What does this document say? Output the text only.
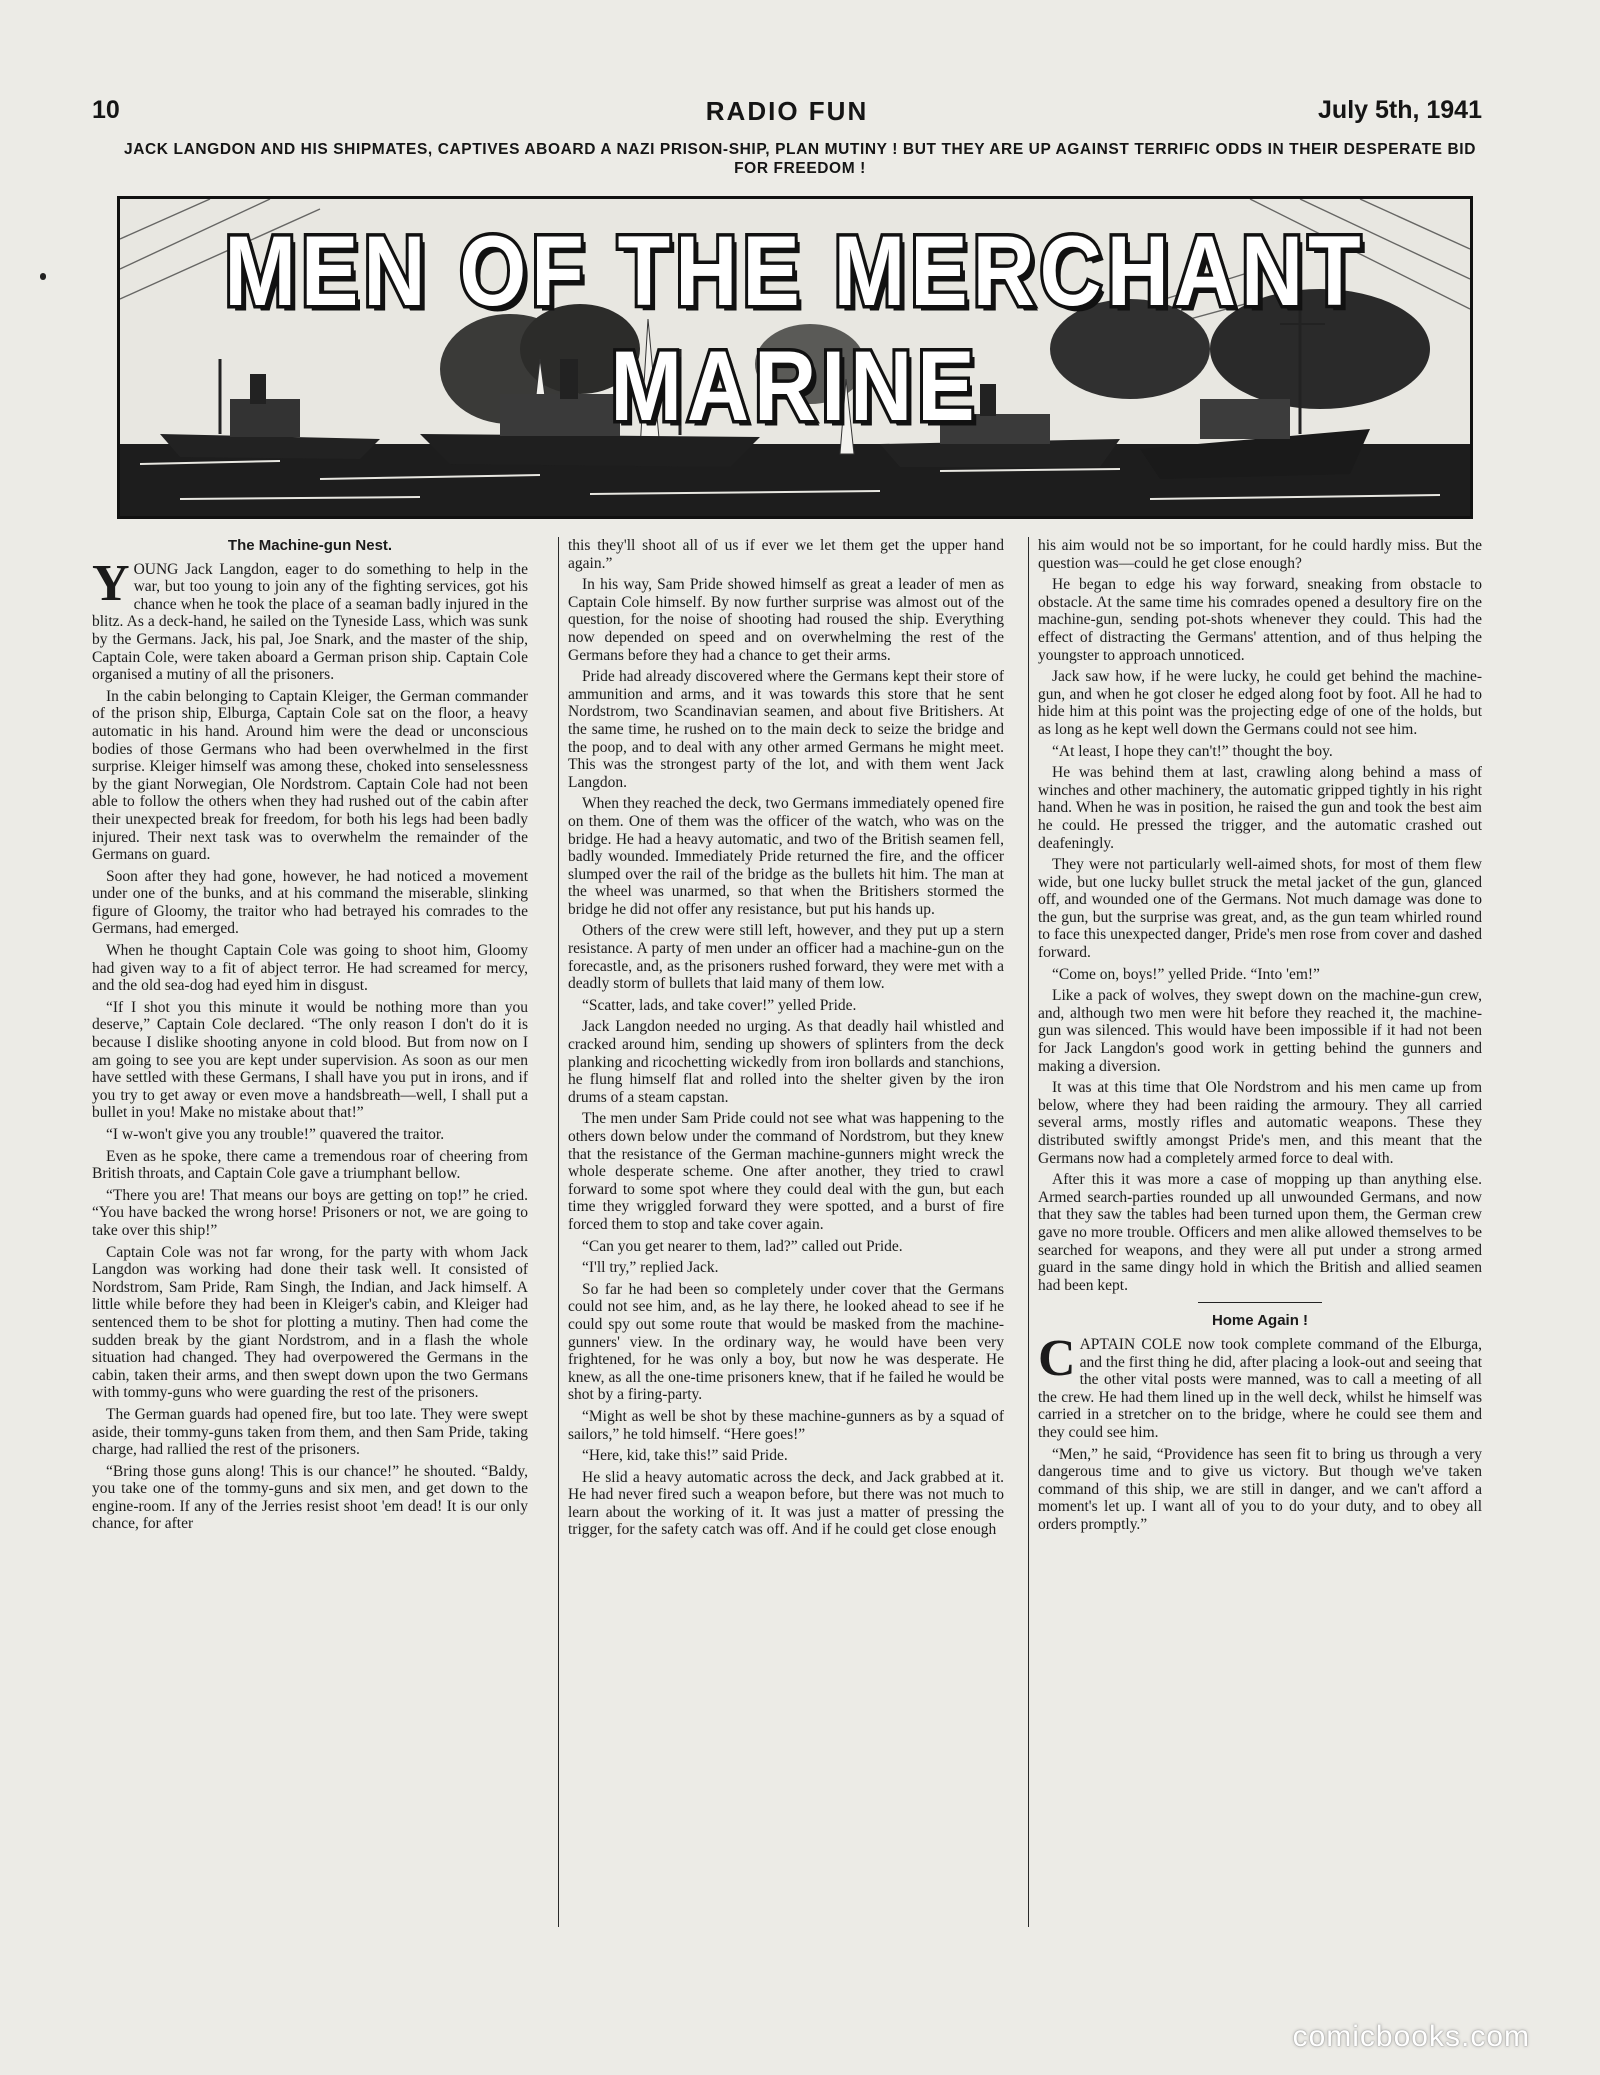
10	RADIO FUN	July 5th, 1941
JACK LANGDON AND HIS SHIPMATES, CAPTIVES ABOARD A NAZI PRISON-SHIP, PLAN MUTINY ! BUT THEY ARE UP AGAINST TERRIFIC ODDS IN THEIR DESPERATE BID FOR FREEDOM !
MEN OF THE MERCHANT MARINE
The Machine-gun Nest.

YOUNG Jack Langdon, eager to do something to help in the war, but too young to join any of the fighting services, got his chance when he took the place of a seaman badly injured in the blitz. As a deck-hand, he sailed on the Tyneside Lass, which was sunk by the Germans. Jack, his pal, Joe Snark, and the master of the ship, Captain Cole, were taken aboard a German prison ship. Captain Cole organised a mutiny of all the prisoners.

In the cabin belonging to Captain Kleiger, the German commander of the prison ship, Elburga, Captain Cole sat on the floor, a heavy automatic in his hand. Around him were the dead or unconscious bodies of those Germans who had been overwhelmed in the first surprise. Kleiger himself was among these, choked into senselessness by the giant Norwegian, Ole Nordstrom. Captain Cole had not been able to follow the others when they had rushed out of the cabin after their unexpected break for freedom, for both his legs had been badly injured. Their next task was to overwhelm the remainder of the Germans on guard.

Soon after they had gone, however, he had noticed a movement under one of the bunks, and at his command the miserable, slinking figure of Gloomy, the traitor who had betrayed his comrades to the Germans, had emerged.

When he thought Captain Cole was going to shoot him, Gloomy had given way to a fit of abject terror. He had screamed for mercy, and the old sea-dog had eyed him in disgust.

“If I shot you this minute it would be nothing more than you deserve,” Captain Cole declared. “The only reason I don't do it is because I dislike shooting anyone in cold blood. But from now on I am going to see you are kept under supervision. As soon as our men have settled with these Germans, I shall have you put in irons, and if you try to get away or even move a handsbreath—well, I shall put a bullet in you! Make no mistake about that!”

“I w-won't give you any trouble!” quavered the traitor.

Even as he spoke, there came a tremendous roar of cheering from British throats, and Captain Cole gave a triumphant bellow.

“There you are! That means our boys are getting on top!” he cried. “You have backed the wrong horse! Prisoners or not, we are going to take over this ship!”

Captain Cole was not far wrong, for the party with whom Jack Langdon was working had done their task well. It consisted of Nordstrom, Sam Pride, Ram Singh, the Indian, and Jack himself. A little while before they had been in Kleiger's cabin, and Kleiger had sentenced them to be shot for plotting a mutiny. Then had come the sudden break by the giant Nordstrom, and in a flash the whole situation had changed. They had overpowered the Germans in the cabin, taken their arms, and then swept down upon the two Germans with tommy-guns who were guarding the rest of the prisoners.

The German guards had opened fire, but too late. They were swept aside, their tommy-guns taken from them, and then Sam Pride, taking charge, had rallied the rest of the prisoners.

“Bring those guns along! This is our chance!” he shouted. “Baldy, you take one of the tommy-guns and six men, and get down to the engine-room. If any of the Jerries resist shoot 'em dead! It is our only chance, for after

this they'll shoot all of us if ever we let them get the upper hand again.”

In his way, Sam Pride showed himself as great a leader of men as Captain Cole himself. By now further surprise was almost out of the question, for the noise of shooting had roused the ship. Everything now depended on speed and on overwhelming the rest of the Germans before they had a chance to get their arms.

Pride had already discovered where the Germans kept their store of ammunition and arms, and it was towards this store that he sent Nordstrom, two Scandinavian seamen, and about five Britishers. At the same time, he rushed on to the main deck to seize the bridge and the poop, and to deal with any other armed Germans he might meet. This was the strongest party of the lot, and with them went Jack Langdon.

When they reached the deck, two Germans immediately opened fire on them. One of them was the officer of the watch, who was on the bridge. He had a heavy automatic, and two of the British seamen fell, badly wounded. Immediately Pride returned the fire, and the officer slumped over the rail of the bridge as the bullets hit him. The man at the wheel was unarmed, so that when the Britishers stormed the bridge he did not offer any resistance, but put his hands up.

Others of the crew were still left, however, and they put up a stern resistance. A party of men under an officer had a machine-gun on the forecastle, and, as the prisoners rushed forward, they were met with a deadly storm of bullets that laid many of them low.

“Scatter, lads, and take cover!” yelled Pride.

Jack Langdon needed no urging. As that deadly hail whistled and cracked around him, sending up showers of splinters from the deck planking and ricochetting wickedly from iron bollards and stanchions, he flung himself flat and rolled into the shelter given by the iron drums of a steam capstan.

The men under Sam Pride could not see what was happening to the others down below under the command of Nordstrom, but they knew that the resistance of the German machine-gunners might wreck the whole desperate scheme. One after another, they tried to crawl forward to some spot where they could deal with the gun, but each time they wriggled forward they were spotted, and a burst of fire forced them to stop and take cover again.

“Can you get nearer to them, lad?” called out Pride.

“I'll try,” replied Jack.

So far he had been so completely under cover that the Germans could not see him, and, as he lay there, he looked ahead to see if he could spy out some route that would be masked from the machine-gunners' view. In the ordinary way, he would have been very frightened, for he was only a boy, but now he was desperate. He knew, as all the one-time prisoners knew, that if he failed he would be shot by a firing-party.

“Might as well be shot by these machine-gunners as by a squad of sailors,” he told himself. “Here goes!”

“Here, kid, take this!” said Pride.

He slid a heavy automatic across the deck, and Jack grabbed at it. He had never fired such a weapon before, but there was not much to learn about the working of it. It was just a matter of pressing the trigger, for the safety catch was off. And if he could get close enough

his aim would not be so important, for he could hardly miss. But the question was—could he get close enough?

He began to edge his way forward, sneaking from obstacle to obstacle. At the same time his comrades opened a desultory fire on the machine-gun, sending pot-shots whenever they could. This had the effect of distracting the Germans' attention, and of thus helping the youngster to approach unnoticed.

Jack saw how, if he were lucky, he could get behind the machine-gun, and when he got closer he edged along foot by foot. All he had to hide him at this point was the projecting edge of one of the holds, but as long as he kept well down the Germans could not see him.

“At least, I hope they can't!” thought the boy.

He was behind them at last, crawling along behind a mass of winches and other machinery, the automatic gripped tightly in his right hand. When he was in position, he raised the gun and took the best aim he could. He pressed the trigger, and the automatic crashed out deafeningly.

They were not particularly well-aimed shots, for most of them flew wide, but one lucky bullet struck the metal jacket of the gun, glanced off, and wounded one of the Germans. Not much damage was done to the gun, but the surprise was great, and, as the gun team whirled round to face this unexpected danger, Pride's men rose from cover and dashed forward.

“Come on, boys!” yelled Pride. “Into 'em!”

Like a pack of wolves, they swept down on the machine-gun crew, and, although two men were hit before they reached it, the machine-gun was silenced. This would have been impossible if it had not been for Jack Langdon's good work in getting behind the gunners and making a diversion.

It was at this time that Ole Nordstrom and his men came up from below, where they had been raiding the armoury. They all carried several arms, mostly rifles and automatic weapons. These they distributed swiftly amongst Pride's men, and this meant that the Germans now had a completely armed force to deal with.

After this it was more a case of mopping up than anything else. Armed search-parties rounded up all unwounded Germans, and now that they saw the tables had been turned upon them, the German crew gave no more trouble. Officers and men alike allowed themselves to be searched for weapons, and they were all put under a strong armed guard in the same dingy hold in which the British and allied seamen had been kept.

Home Again !

CAPTAIN COLE now took complete command of the Elburga, and the first thing he did, after placing a look-out and seeing that the other vital posts were manned, was to call a meeting of all the crew. He had them lined up in the well deck, whilst he himself was carried in a stretcher on to the bridge, where he could see them and they could see him.

“Men,” he said, “Providence has seen fit to bring us through a very dangerous time and to give us victory. But though we've taken command of this ship, we are still in danger, and we can't afford a moment's let up. I want all of you to do your duty, and to obey all orders promptly.”

comicbooks.com
